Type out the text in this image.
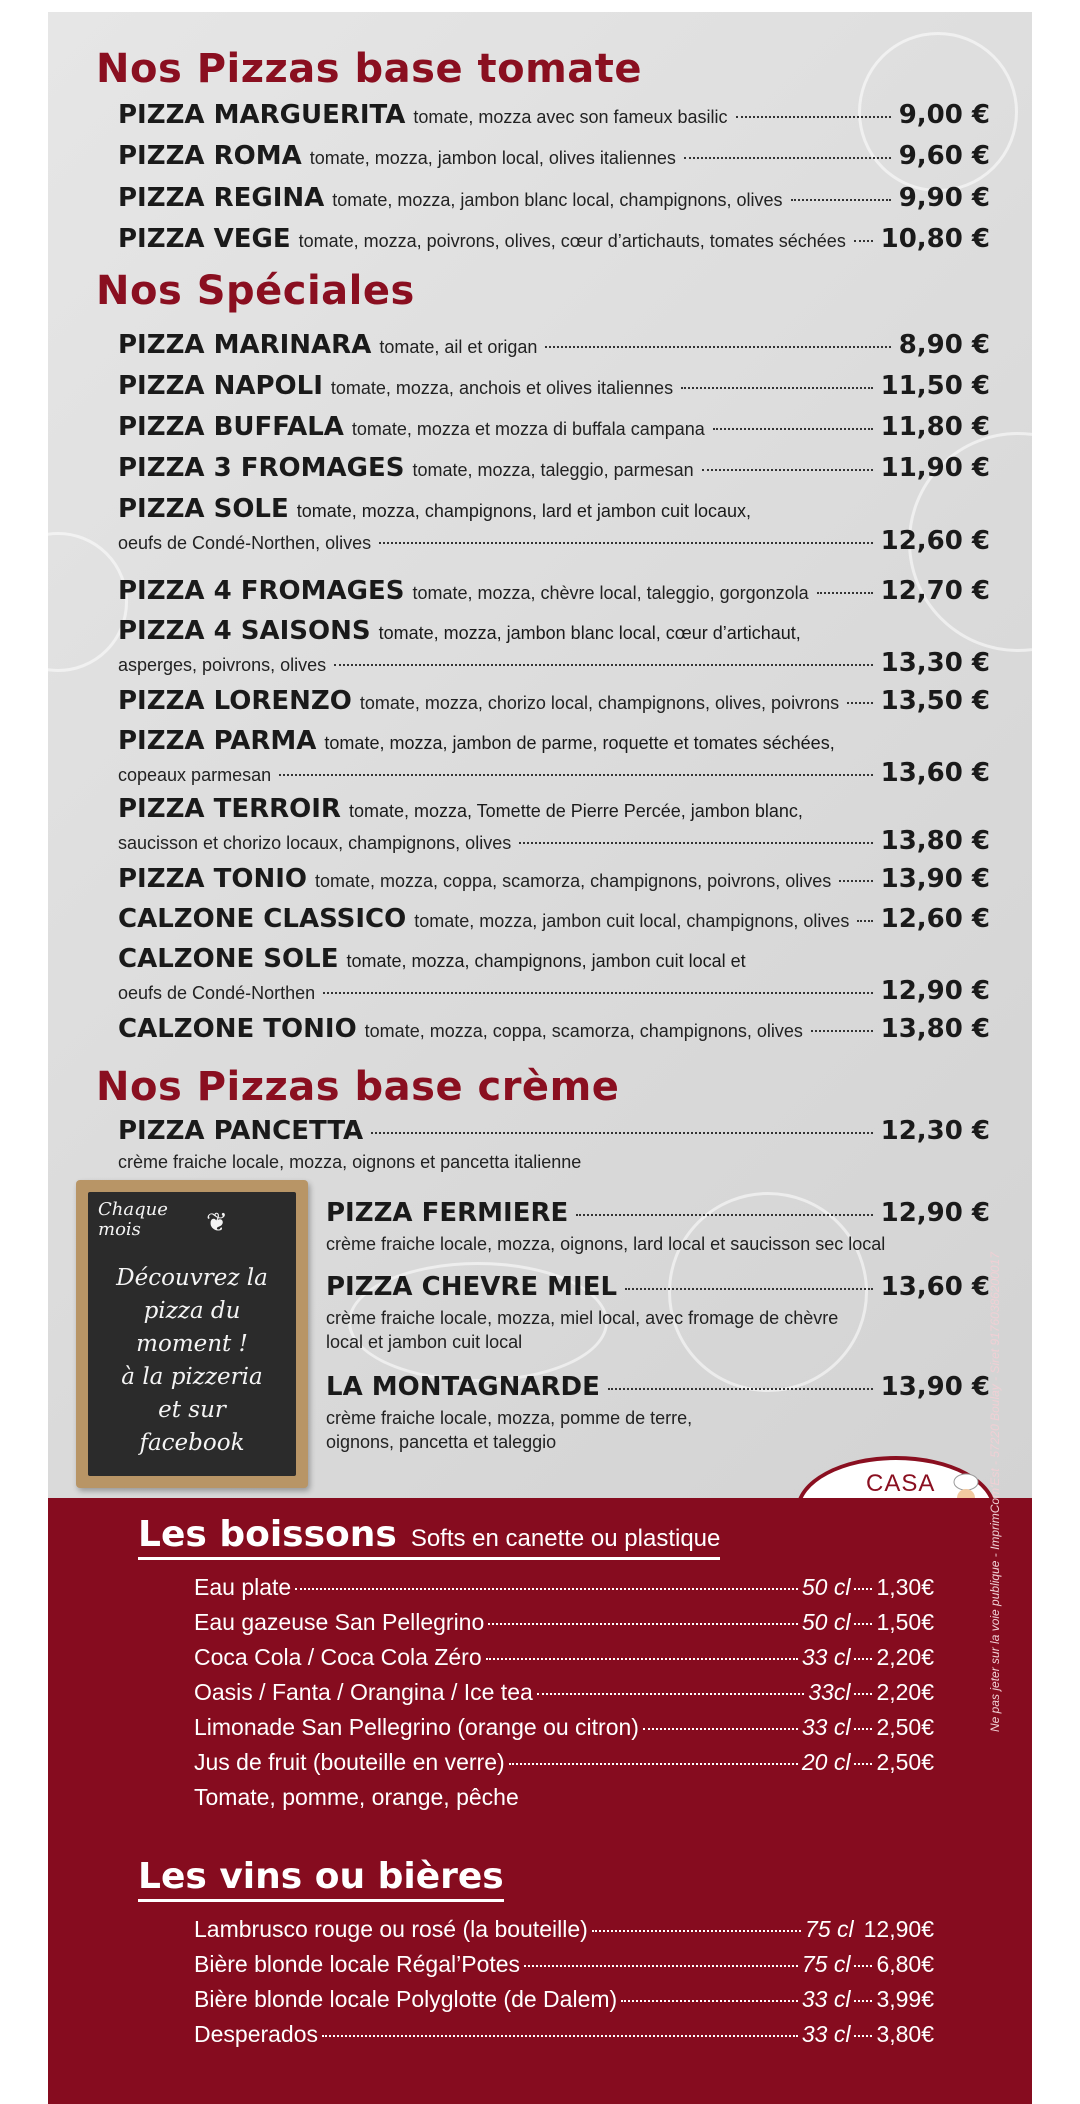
Nos Pizzas base tomate
PIZZA MARGUERITA tomate, mozza avec son fameux basilic	9,00 €
PIZZA ROMA tomate, mozza, jambon local, olives italiennes	9,60 €
PIZZA REGINA tomate, mozza, jambon blanc local, champignons, olives	9,90 €
PIZZA VEGE tomate, mozza, poivrons, olives, cœur d’artichauts, tomates séchées 10,80 €
Nos Spéciales
PIZZA MARINARA tomate, ail et origan	8,90 €
PIZZA NAPOLI tomate, mozza, anchois et olives italiennes	11,50 €
PIZZA BUFFALA tomate, mozza et mozza di buffala campana	11,80 €
PIZZA 3 FROMAGES tomate, mozza, taleggio, parmesan	11,90 €
PIZZA SOLE tomate, mozza, champignons, lard et jambon cuit locaux,
oeufs de Condé-Northen, olives	12,60 €
PIZZA 4 FROMAGES tomate, mozza, chèvre local, taleggio, gorgonzola	12,70 €
PIZZA 4 SAISONS tomate, mozza, jambon blanc local, cœur d’artichaut,
asperges, poivrons, olives	13,30 €
PIZZA LORENZO tomate, mozza, chorizo local, champignons, olives, poivrons 13,50 €
PIZZA PARMA tomate, mozza, jambon de parme, roquette et tomates séchées,
copeaux parmesan	13,60 €
PIZZA TERROIR tomate, mozza, Tomette de Pierre Percée, jambon blanc,
saucisson et chorizo locaux, champignons, olives	13,80 €
PIZZA TONIO tomate, mozza, coppa, scamorza, champignons, poivrons, olives 13,90 €
CALZONE CLASSICO tomate, mozza, jambon cuit local, champignons, olives 12,60 €
CALZONE SOLE tomate, mozza, champignons, jambon cuit local et
oeufs de Condé-Northen	12,90 €
CALZONE TONIO tomate, mozza, coppa, scamorza, champignons, olives	13,80 €
Nos Pizzas base crème
PIZZA PANCETTA	12,30 €
crème fraiche locale, mozza, oignons et pancetta italienne
PIZZA FERMIERE	12,90 €
crème fraiche locale, mozza, oignons, lard local et saucisson sec local
PIZZA CHEVRE MIEL	13,60 €
crème fraiche locale, mozza, miel local, avec fromage de chèvre
local et jambon cuit local
LA MONTAGNARDE	13,90 €
crème fraiche locale, mozza, pomme de terre,
oignons, pancetta et taleggio
Chaque
mois	❦
Découvrez la
pizza du
moment !
à la pizzeria
et sur
facebook
CASA
Les boissons Softs en canette ou plastique
Eau plate	50 cl 1,30€
Eau gazeuse San Pellegrino	50 cl 1,50€
Coca Cola / Coca Cola Zéro	33 cl 2,20€
Oasis / Fanta / Orangina / Ice tea	33cl 2,20€
Limonade San Pellegrino (orange ou citron)	33 cl 2,50€
Jus de fruit (bouteille en verre)	20 cl 2,50€
Tomate, pomme, orange, pêche
Les vins ou bières
Lambrusco rouge ou rosé (la bouteille)	75 cl 12,90€
Bière blonde locale Régal’Potes	75 cl 6,80€
Bière blonde locale Polyglotte (de Dalem)	33 cl 3,99€
Desperados	33 cl 3,80€
Ne pas jeter sur la voie publique - ImprimCom'Est - 57220 Boulay - Siret 91760386200017
